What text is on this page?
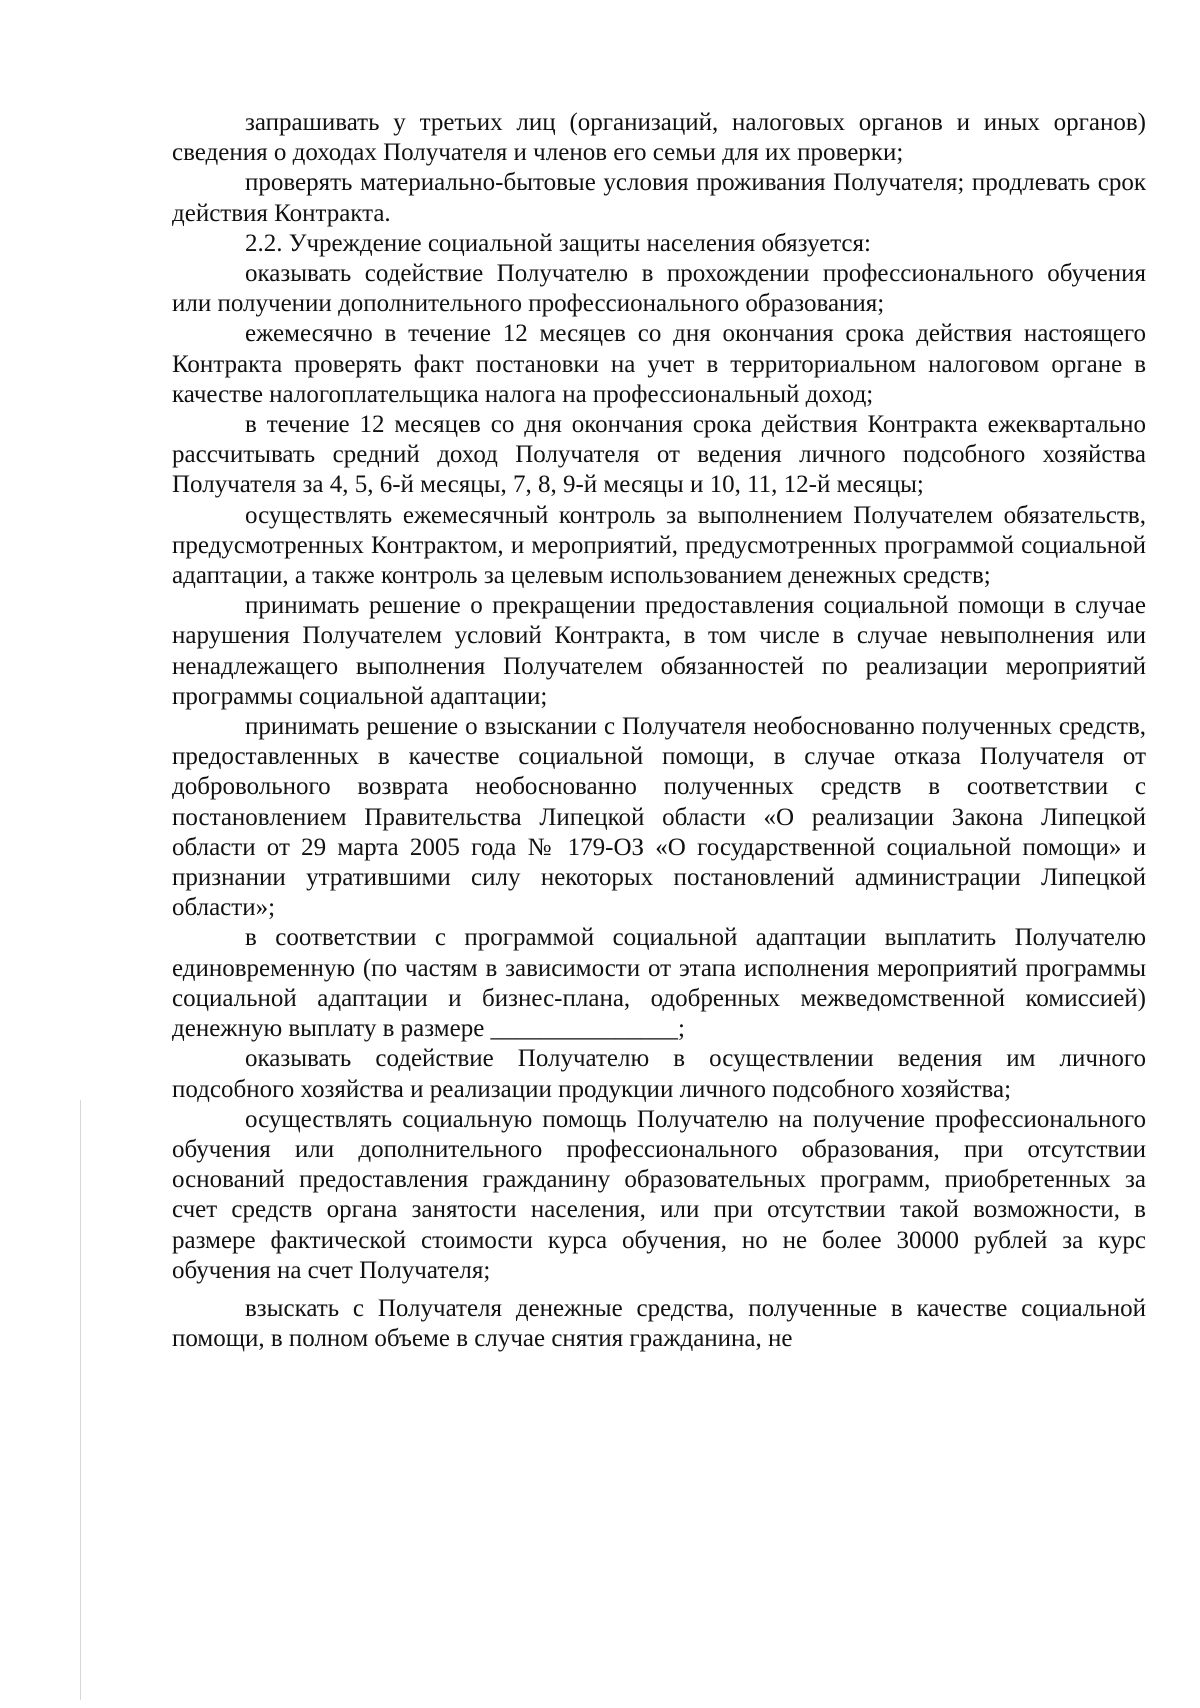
запрашивать у третьих лиц (организаций, налоговых органов и иных органов) сведения о доходах Получателя и членов его семьи для их проверки;

проверять материально-бытовые условия проживания Получателя; продлевать срок действия Контракта.

2.2. Учреждение социальной защиты населения обязуется:

оказывать содействие Получателю в прохождении профессионального обучения или получении дополнительного профессионального образования;

ежемесячно в течение 12 месяцев со дня окончания срока действия настоящего Контракта проверять факт постановки на учет в территориальном налоговом органе в качестве налогоплательщика налога на профессиональный доход;

в течение 12 месяцев со дня окончания срока действия Контракта ежеквартально рассчитывать средний доход Получателя от ведения личного подсобного хозяйства Получателя за 4, 5, 6-й месяцы, 7, 8, 9-й месяцы и 10, 11, 12-й месяцы;

осуществлять ежемесячный контроль за выполнением Получателем обязательств, предусмотренных Контрактом, и мероприятий, предусмотренных программой социальной адаптации, а также контроль за целевым использованием денежных средств;

принимать решение о прекращении предоставления социальной помощи в случае нарушения Получателем условий Контракта, в том числе в случае невыполнения или ненадлежащего выполнения Получателем обязанностей по реализации мероприятий программы социальной адаптации;

принимать решение о взыскании с Получателя необоснованно полученных средств, предоставленных в качестве социальной помощи, в случае отказа Получателя от добровольного возврата необоснованно полученных средств в соответствии с постановлением Правительства Липецкой области «О реализации Закона Липецкой области от 29 марта 2005 года № 179-ОЗ «О государственной социальной помощи» и признании утратившими силу некоторых постановлений администрации Липецкой области»;

в соответствии с программой социальной адаптации выплатить Получателю единовременную (по частям в зависимости от этапа исполнения мероприятий программы социальной адаптации и бизнес-плана, одобренных межведомственной комиссией) денежную выплату в размере _______________;

оказывать содействие Получателю в осуществлении ведения им личного подсобного хозяйства и реализации продукции личного подсобного хозяйства;

осуществлять социальную помощь Получателю на получение профессионального обучения или дополнительного профессионального образования, при отсутствии оснований предоставления гражданину образовательных программ, приобретенных за счет средств органа занятости населения, или при отсутствии такой возможности, в размере фактической стоимости курса обучения, но не более 30000 рублей за курс обучения на счет Получателя;

взыскать с Получателя денежные средства, полученные в качестве социальной помощи, в полном объеме в случае снятия гражданина, не
